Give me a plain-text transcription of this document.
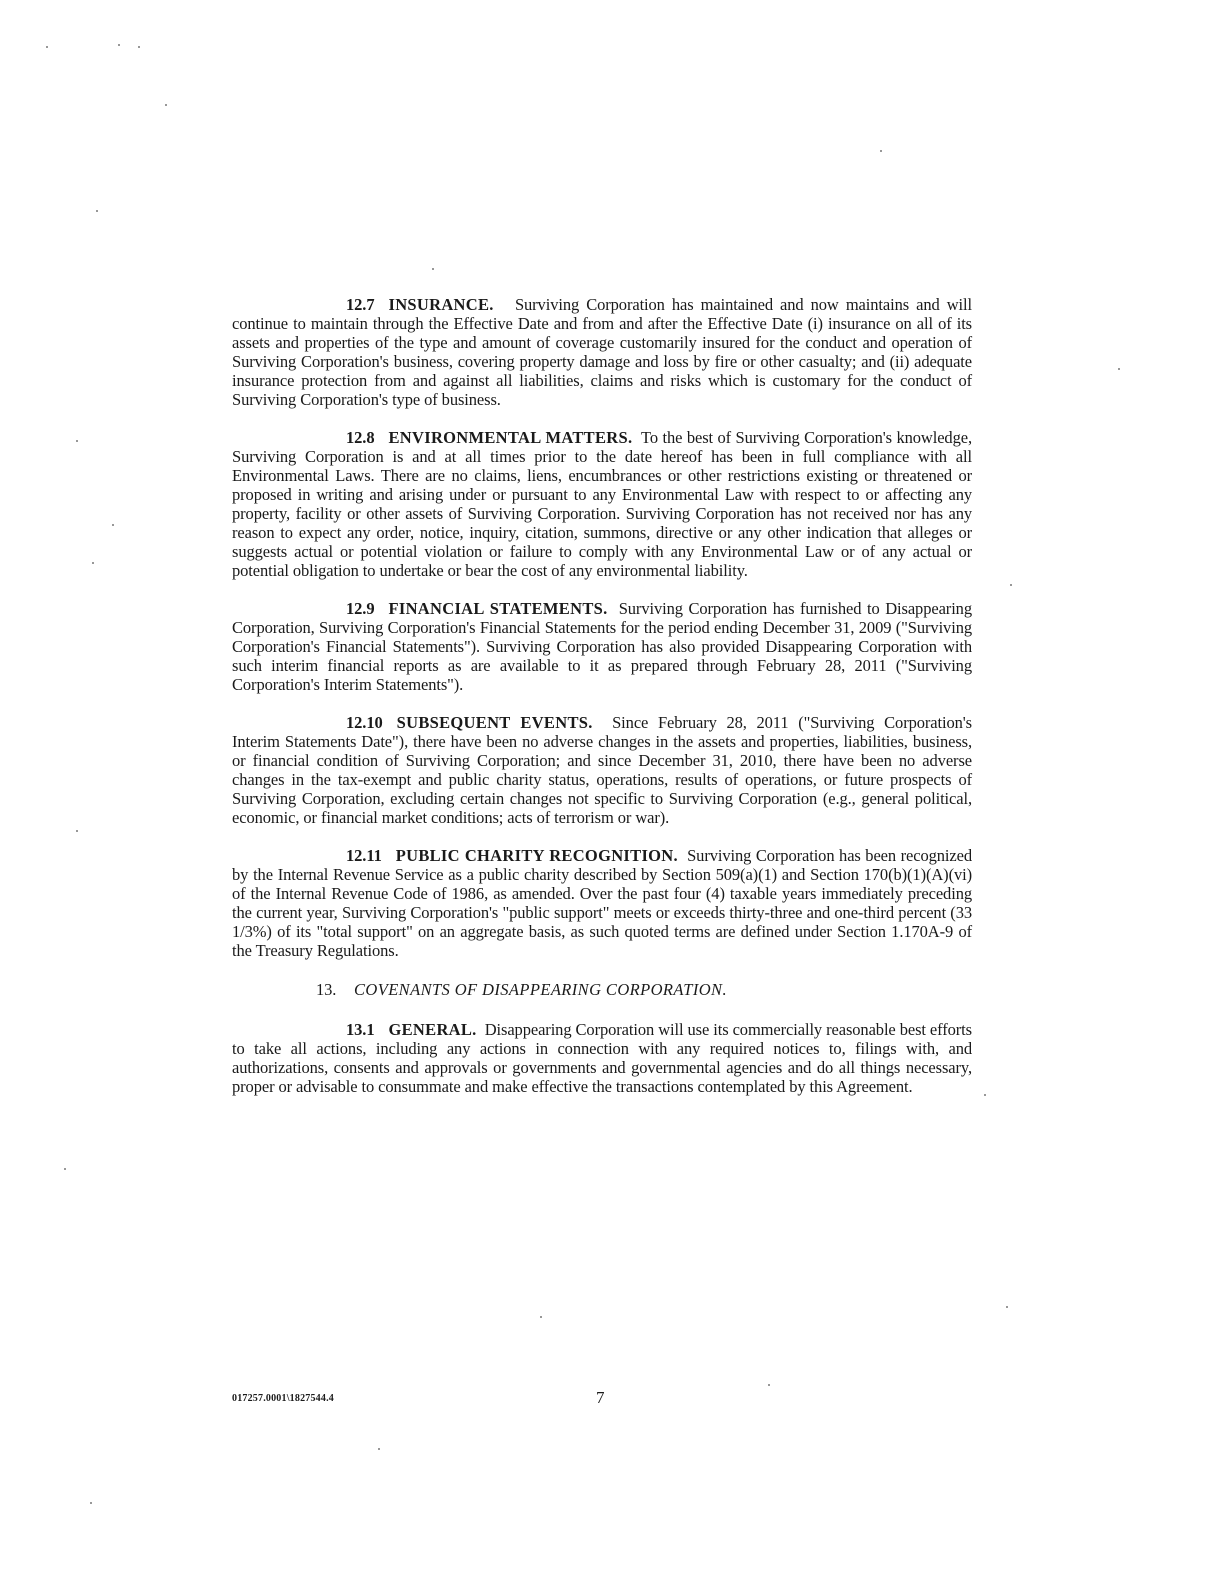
12.7 INSURANCE. Surviving Corporation has maintained and now maintains and will continue to maintain through the Effective Date and from and after the Effective Date (i) insurance on all of its assets and properties of the type and amount of coverage customarily insured for the conduct and operation of Surviving Corporation's business, covering property damage and loss by fire or other casualty; and (ii) adequate insurance protection from and against all liabilities, claims and risks which is customary for the conduct of Surviving Corporation's type of business.

12.8 ENVIRONMENTAL MATTERS. To the best of Surviving Corporation's knowledge, Surviving Corporation is and at all times prior to the date hereof has been in full compliance with all Environmental Laws. There are no claims, liens, encumbrances or other restrictions existing or threatened or proposed in writing and arising under or pursuant to any Environmental Law with respect to or affecting any property, facility or other assets of Surviving Corporation. Surviving Corporation has not received nor has any reason to expect any order, notice, inquiry, citation, summons, directive or any other indication that alleges or suggests actual or potential violation or failure to comply with any Environmental Law or of any actual or potential obligation to undertake or bear the cost of any environmental liability.

12.9 FINANCIAL STATEMENTS. Surviving Corporation has furnished to Disappearing Corporation, Surviving Corporation's Financial Statements for the period ending December 31, 2009 ("Surviving Corporation's Financial Statements"). Surviving Corporation has also provided Disappearing Corporation with such interim financial reports as are available to it as prepared through February 28, 2011 ("Surviving Corporation's Interim Statements").

12.10 SUBSEQUENT EVENTS. Since February 28, 2011 ("Surviving Corporation's Interim Statements Date"), there have been no adverse changes in the assets and properties, liabilities, business, or financial condition of Surviving Corporation; and since December 31, 2010, there have been no adverse changes in the tax-exempt and public charity status, operations, results of operations, or future prospects of Surviving Corporation, excluding certain changes not specific to Surviving Corporation (e.g., general political, economic, or financial market conditions; acts of terrorism or war).

12.11 PUBLIC CHARITY RECOGNITION. Surviving Corporation has been recognized by the Internal Revenue Service as a public charity described by Section 509(a)(1) and Section 170(b)(1)(A)(vi) of the Internal Revenue Code of 1986, as amended. Over the past four (4) taxable years immediately preceding the current year, Surviving Corporation's "public support" meets or exceeds thirty-three and one-third percent (33 1/3%) of its "total support" on an aggregate basis, as such quoted terms are defined under Section 1.170A-9 of the Treasury Regulations.

13. COVENANTS OF DISAPPEARING CORPORATION.

13.1 GENERAL. Disappearing Corporation will use its commercially reasonable best efforts to take all actions, including any actions in connection with any required notices to, filings with, and authorizations, consents and approvals or governments and governmental agencies and do all things necessary, proper or advisable to consummate and make effective the transactions contemplated by this Agreement.

017257.0001\1827544.4	7
